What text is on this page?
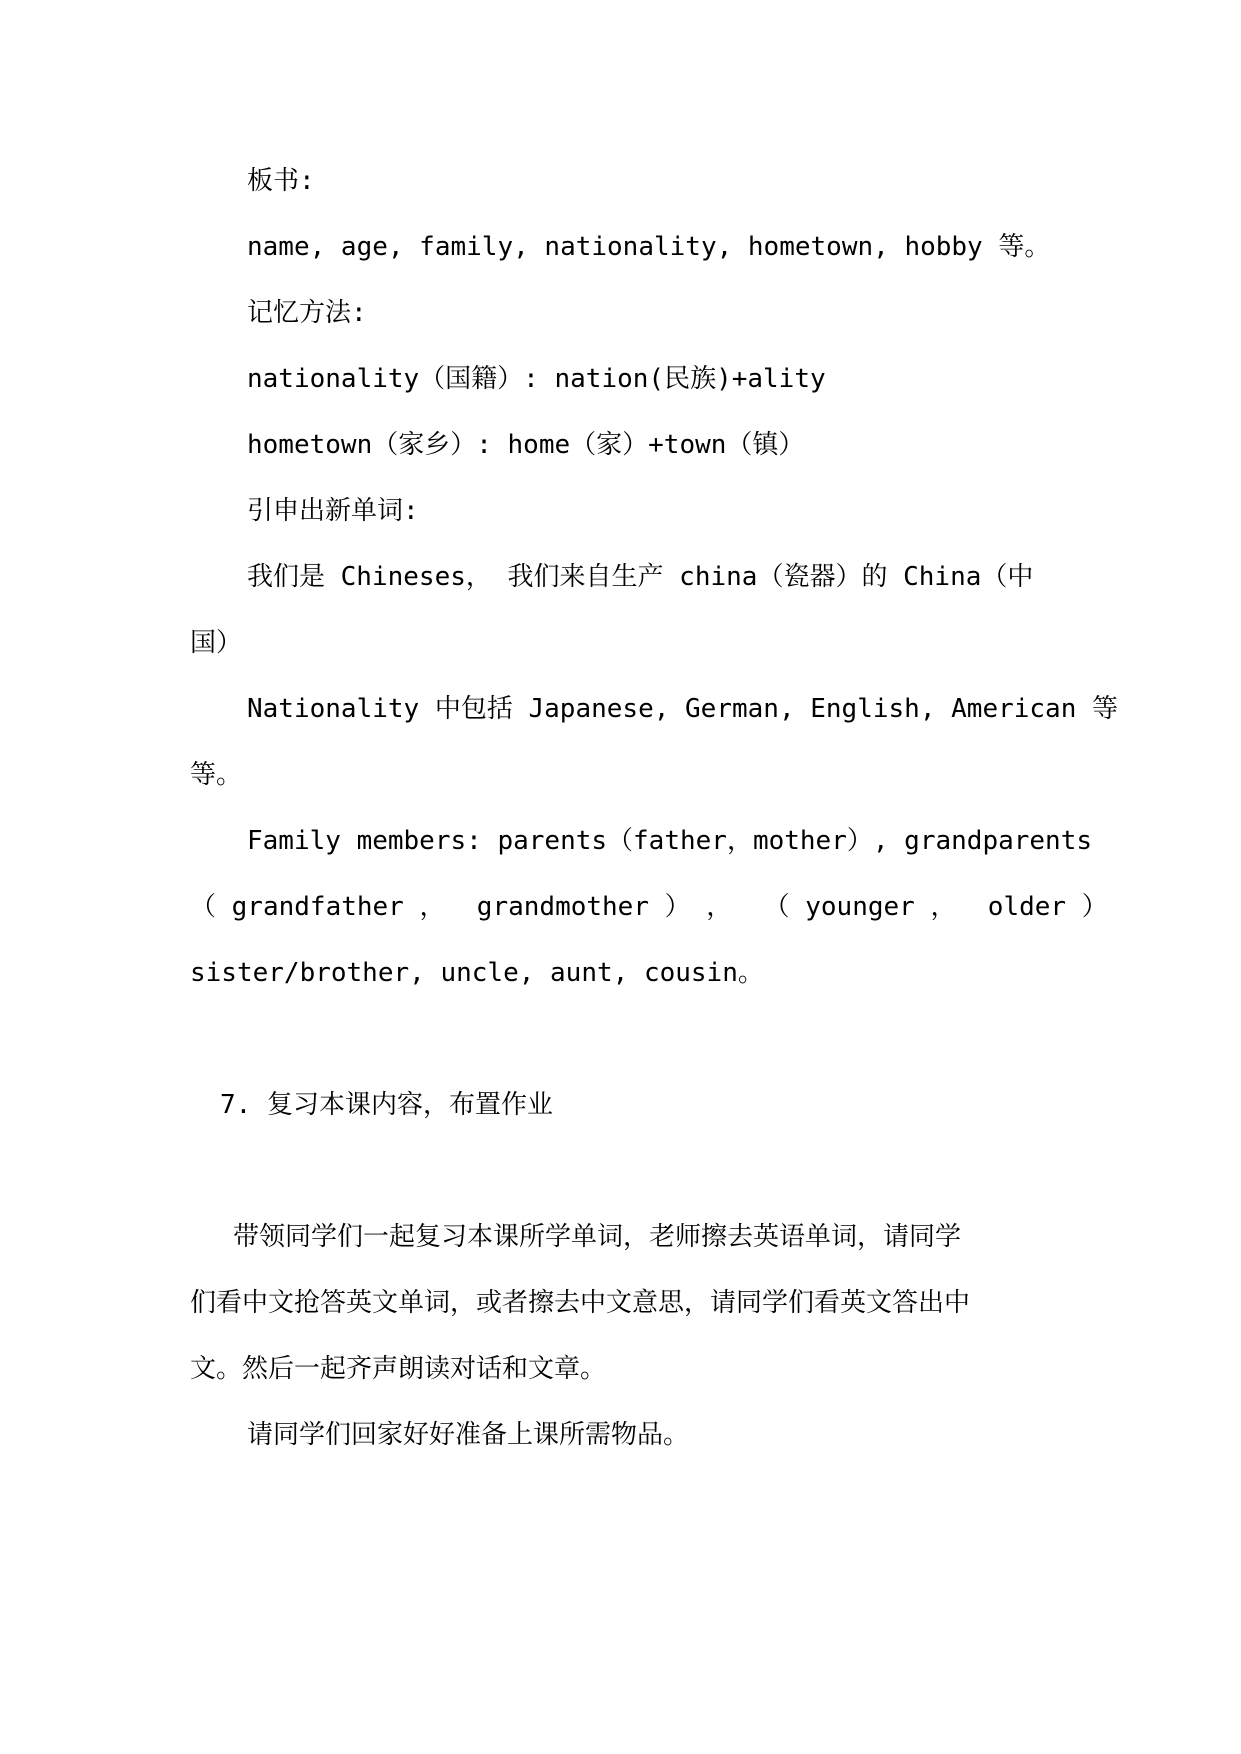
板书:
name, age, family, nationality, hometown, hobby 等。
记忆方法:
nationality（国籍）: nation(民族)+ality
hometown（家乡）: home（家）+town（镇）
引申出新单词:
我们是 Chineses， 我们来自生产 china（瓷器）的 China（中
国）
Nationality 中包括 Japanese, German, English, American 等
等。
Family members: parents（father，mother）, grandparents
（ grandfather ，  grandmother ） ，  （ younger ，  older ）
sister/brother, uncle, aunt, cousin。

7. 复习本课内容，布置作业

带领同学们一起复习本课所学单词，老师擦去英语单词，请同学
们看中文抢答英文单词，或者擦去中文意思，请同学们看英文答出中
文。然后一起齐声朗读对话和文章。
请同学们回家好好准备上课所需物品。
